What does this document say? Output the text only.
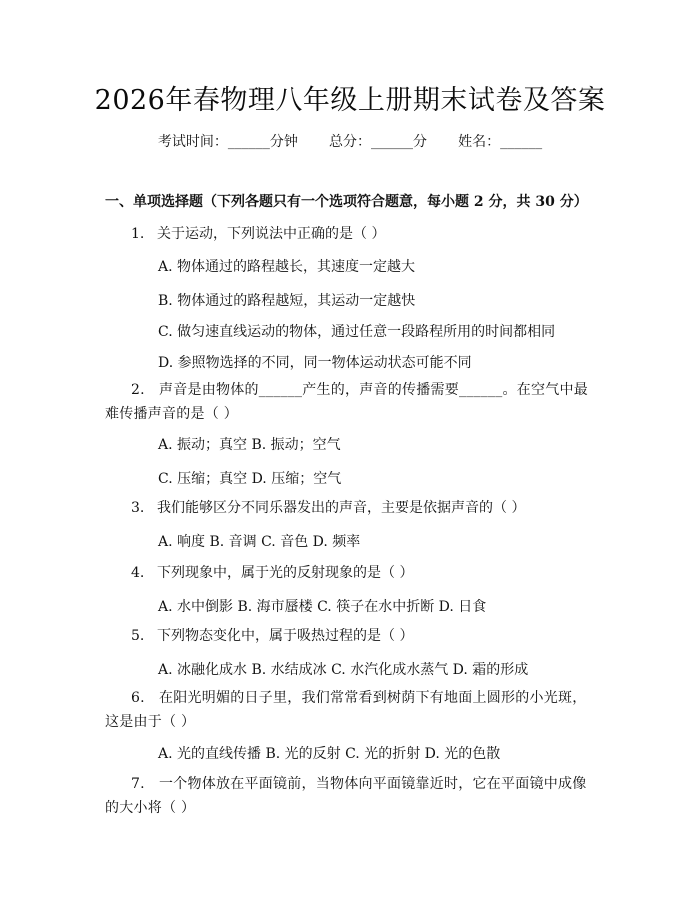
2026年春物理八年级上册期末试卷及答案
考试时间：______分钟 总分：______分 姓名：______
一、单项选择题（下列各题只有一个选项符合题意，每小题 2 分，共 30 分）
1. 关于运动，下列说法中正确的是（ ）
A. 物体通过的路程越长，其速度一定越大
B. 物体通过的路程越短，其运动一定越快
C. 做匀速直线运动的物体，通过任意一段路程所用的时间都相同
D. 参照物选择的不同，同一物体运动状态可能不同
2. 声音是由物体的______产生的，声音的传播需要______。在空气中最难传播声音的是（ ）
A. 振动；真空 B. 振动；空气
C. 压缩；真空 D. 压缩；空气
3. 我们能够区分不同乐器发出的声音，主要是依据声音的（ ）
A. 响度 B. 音调 C. 音色 D. 频率
4. 下列现象中，属于光的反射现象的是（ ）
A. 水中倒影 B. 海市蜃楼 C. 筷子在水中折断 D. 日食
5. 下列物态变化中，属于吸热过程的是（ ）
A. 冰融化成水 B. 水结成冰 C. 水汽化成水蒸气 D. 霜的形成
6. 在阳光明媚的日子里，我们常常看到树荫下有地面上圆形的小光斑，这是由于（ ）
A. 光的直线传播 B. 光的反射 C. 光的折射 D. 光的色散
7. 一个物体放在平面镜前，当物体向平面镜靠近时，它在平面镜中成像的大小将（ ）
